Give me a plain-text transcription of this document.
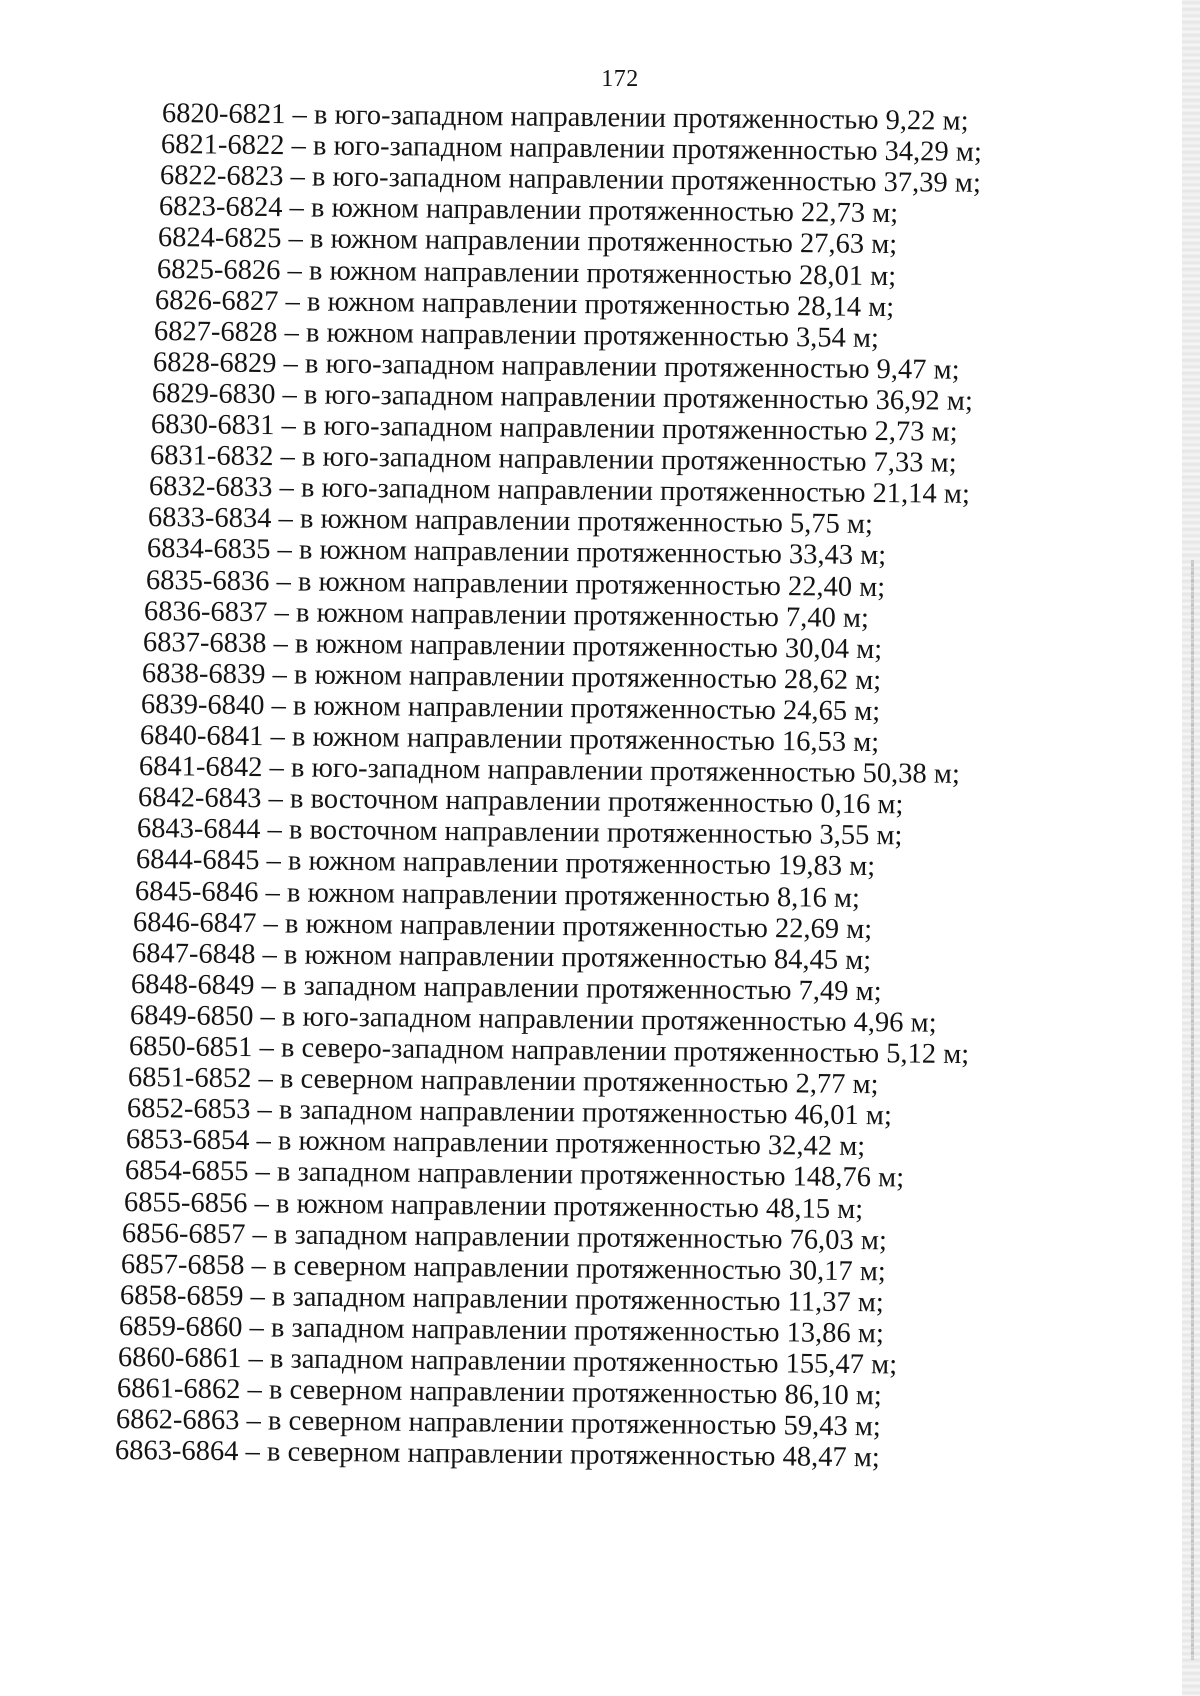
172
6820-6821 – в юго-западном направлении протяженностью 9,22 м;
6821-6822 – в юго-западном направлении протяженностью 34,29 м;
6822-6823 – в юго-западном направлении протяженностью 37,39 м;
6823-6824 – в южном направлении протяженностью 22,73 м;
6824-6825 – в южном направлении протяженностью 27,63 м;
6825-6826 – в южном направлении протяженностью 28,01 м;
6826-6827 – в южном направлении протяженностью 28,14 м;
6827-6828 – в южном направлении протяженностью 3,54 м;
6828-6829 – в юго-западном направлении протяженностью 9,47 м;
6829-6830 – в юго-западном направлении протяженностью 36,92 м;
6830-6831 – в юго-западном направлении протяженностью 2,73 м;
6831-6832 – в юго-западном направлении протяженностью 7,33 м;
6832-6833 – в юго-западном направлении протяженностью 21,14 м;
6833-6834 – в южном направлении протяженностью 5,75 м;
6834-6835 – в южном направлении протяженностью 33,43 м;
6835-6836 – в южном направлении протяженностью 22,40 м;
6836-6837 – в южном направлении протяженностью 7,40 м;
6837-6838 – в южном направлении протяженностью 30,04 м;
6838-6839 – в южном направлении протяженностью 28,62 м;
6839-6840 – в южном направлении протяженностью 24,65 м;
6840-6841 – в южном направлении протяженностью 16,53 м;
6841-6842 – в юго-западном направлении протяженностью 50,38 м;
6842-6843 – в восточном направлении протяженностью 0,16 м;
6843-6844 – в восточном направлении протяженностью 3,55 м;
6844-6845 – в южном направлении протяженностью 19,83 м;
6845-6846 – в южном направлении протяженностью 8,16 м;
6846-6847 – в южном направлении протяженностью 22,69 м;
6847-6848 – в южном направлении протяженностью 84,45 м;
6848-6849 – в западном направлении протяженностью 7,49 м;
6849-6850 – в юго-западном направлении протяженностью 4,96 м;
6850-6851 – в северо-западном направлении протяженностью 5,12 м;
6851-6852 – в северном направлении протяженностью 2,77 м;
6852-6853 – в западном направлении протяженностью 46,01 м;
6853-6854 – в южном направлении протяженностью 32,42 м;
6854-6855 – в западном направлении протяженностью 148,76 м;
6855-6856 – в южном направлении протяженностью 48,15 м;
6856-6857 – в западном направлении протяженностью 76,03 м;
6857-6858 – в северном направлении протяженностью 30,17 м;
6858-6859 – в западном направлении протяженностью 11,37 м;
6859-6860 – в западном направлении протяженностью 13,86 м;
6860-6861 – в западном направлении протяженностью 155,47 м;
6861-6862 – в северном направлении протяженностью 86,10 м;
6862-6863 – в северном направлении протяженностью 59,43 м;
6863-6864 – в северном направлении протяженностью 48,47 м;
